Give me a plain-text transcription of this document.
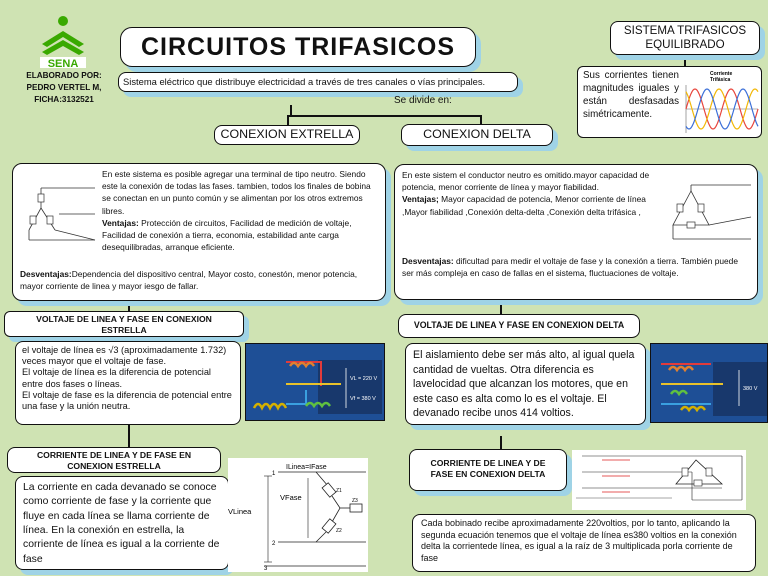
SENA
ELABORADO POR:
PEDRO VERTEL M,
FICHA:3132521
CIRCUITOS TRIFASICOS
Sistema eléctrico que distribuye electricidad a través de tres canales o vías principales.
Se divide en:
SISTEMA TRIFASICOS
EQUILIBRADO
Sus corrientes tienen magnitudes iguales y están desfasadas simétricamente.
Corriente
Trifásica
CONEXION EXTRELLA	CONEXION DELTA
En este sistema es posible agregar una terminal de tipo neutro. Siendo este la conexión de todas las fases. tambien, todos los finales de bobina se conectan en un punto común y se alimentan por los otros extremos libres.
Ventajas: Protección de circuitos, Facilidad de medición de voltaje, Facilidad de conexión a tierra, economia, estabilidad ante carga desequilibradas, arranque eficiente.
Desventajas:Dependencia del dispositivo central, Mayor costo, conestón, menor potencia, mayor corriente de linea y mayor iesgo de fallar.
En este sistem el conductor neutro es omitido.mayor capacidad de potencia, menor corriente de línea y mayor fiabilidad.
Ventajas; Mayor capacidad de potencia, Menor corriente de línea ,Mayor fiabilidad ,Conexión delta-delta ,Conexión delta trifásica ,
Desventajas: dificultad para medir el voltaje de fase y la conexión a tierra. También puede ser más compleja en caso de fallas en el sistema, fluctuaciones de voltaje.
VOLTAJE DE LINEA Y FASE EN CONEXION
ESTRELLA
el voltaje de línea es √3 (aproximadamente 1.732) veces mayor que el voltaje de fase.
El voltaje de línea es la diferencia de potencial entre dos fases o líneas.
El voltaje de fase es la diferencia de potencial entre una fase y la unión neutra.
VL = 220 V
Vf = 380 V
VOLTAJE DE LINEA Y FASE EN CONEXION DELTA
El aislamiento debe ser más alto, al igual quela cantidad de vueltas. Otra diferencia es lavelocidad que alcanzan los motores, que en este caso es alta como lo es el voltaje. El devanado recibe unos 414 voltios.
380 V
CORRIENTE DE LINEA Y DE FASE EN
CONEXION ESTRELLA
La corriente en cada devanado se conoce como corriente de fase y la corriente que fluye en cada línea se llama corriente de línea. En la conexión en estrella, la corriente de línea es igual a la corriente de fase
ILinea=IFase
1
2
3
VLinea
VFase
Z1
Z3
Z2
CORRIENTE DE LINEA Y DE
FASE EN CONEXION DELTA
Cada bobinado recibe aproximadamente 220voltios, por lo tanto, aplicando la segunda ecuación tenemos que el voltaje de línea es380 voltios en la conexión delta la corrientede línea, es igual a la raíz de 3 multiplicada porla corriente de fase
